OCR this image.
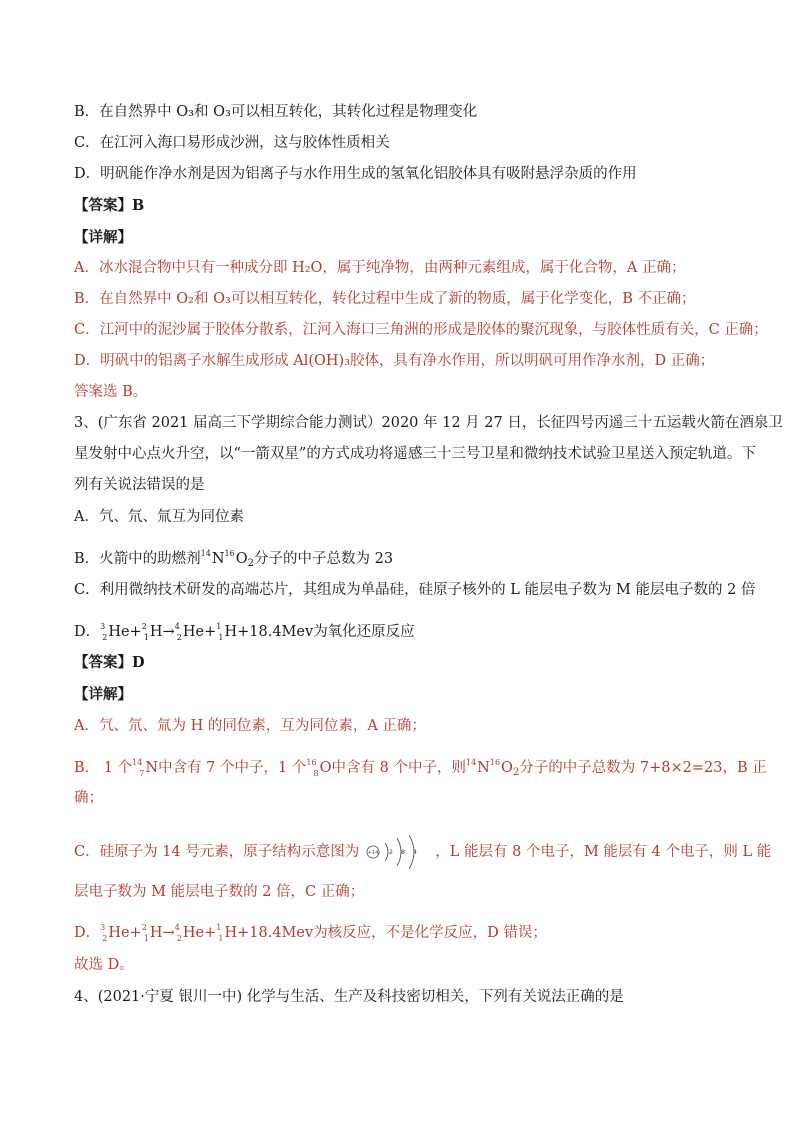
B．在自然界中 O₃和 O₃可以相互转化，其转化过程是物理变化
C．在江河入海口易形成沙洲，这与胶体性质相关
D．明矾能作净水剂是因为铝离子与水作用生成的氢氧化铝胶体具有吸附悬浮杂质的作用
【答案】B
【详解】
A．冰水混合物中只有一种成分即 H₂O，属于纯净物，由两种元素组成，属于化合物，A 正确；
B．在自然界中 O₂和 O₃可以相互转化，转化过程中生成了新的物质，属于化学变化，B 不正确；
C．江河中的泥沙属于胶体分散系，江河入海口三角洲的形成是胶体的聚沉现象，与胶体性质有关，C 正确；
D．明矾中的铝离子水解生成形成 Al(OH)₃胶体，具有净水作用，所以明矾可用作净水剂，D 正确；
答案选 B。
3、(广东省 2021 届高三下学期综合能力测试）2020 年 12 月 27 日，长征四号丙遥三十五运载火箭在酒泉卫
星发射中心点火升空，以“一箭双星”的方式成功将遥感三十三号卫星和微纳技术试验卫星送入预定轨道。下
列有关说法错误的是
A．氕、氘、氚互为同位素
B．火箭中的助燃剂$^{14}N^{16}O_2$分子的中子总数为 23
C．利用微纳技术研发的高端芯片，其组成为单晶硅，硅原子核外的 L 能层电子数为 M 能层电子数的 2 倍
D．$^3_2$He+$^2_1$H→$^4_2$He+$^1_1$H+18.4Mev为氧化还原反应
【答案】D
【详解】
A．氕、氘、氚为 H 的同位素，互为同位素，A 正确；
B． 1 个$^{14}_7$N中含有 7 个中子，1 个$^{16}_8$O中含有 8 个中子，则$^{14}N^{16}O_2$分子的中子总数为 7+8×2=23，B 正
确；
C．硅原子为 14 号元素，原子结构示意图为 +14 2 8 4 ，L 能层有 8 个电子，M 能层有 4 个电子，则 L 能
层电子数为 M 能层电子数的 2 倍，C 正确；
D．$^3_2$He+$^2_1$H→$^4_2$He+$^1_1$H+18.4Mev为核反应，不是化学反应，D 错误；
故选 D。
4、(2021·宁夏 银川一中) 化学与生活、生产及科技密切相关，下列有关说法正确的是
